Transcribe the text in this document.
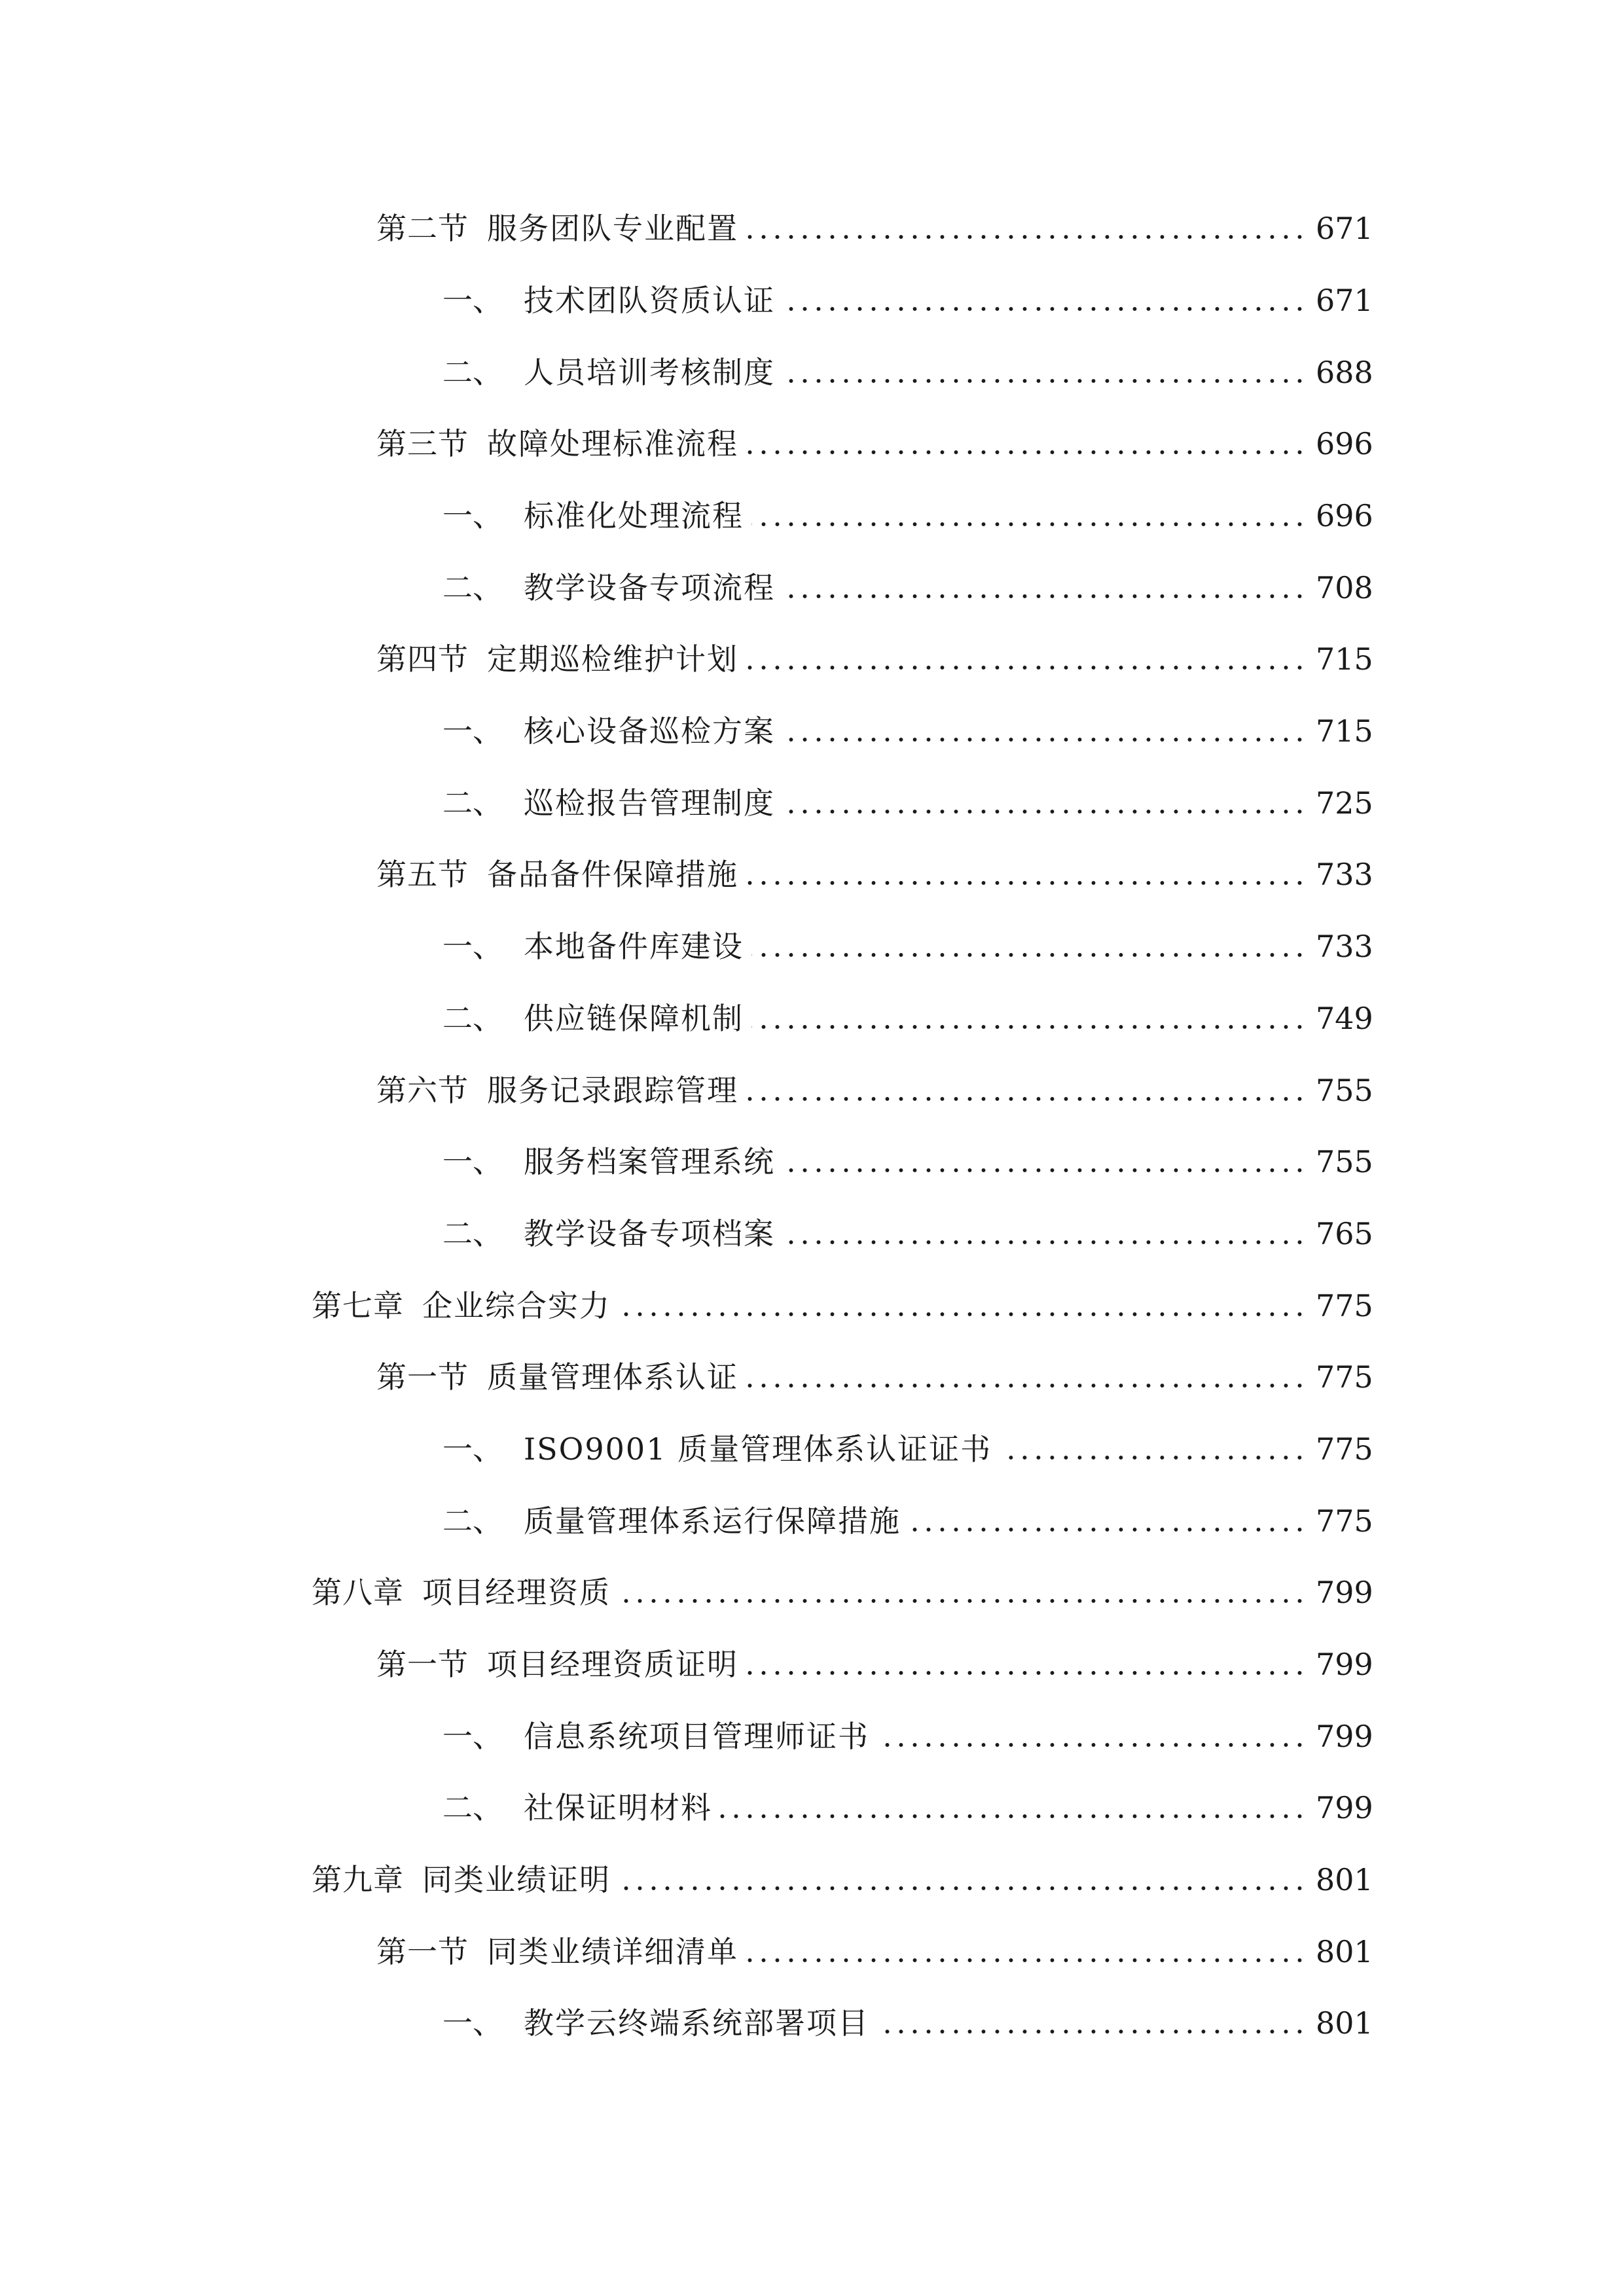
第二节 服务团队专业配置	671
一、 技术团队资质认证	671
二、 人员培训考核制度	688
第三节 故障处理标准流程	696
一、 标准化处理流程	696
二、 教学设备专项流程	708
第四节 定期巡检维护计划	715
一、 核心设备巡检方案	715
二、 巡检报告管理制度	725
第五节 备品备件保障措施	733
一、 本地备件库建设	733
二、 供应链保障机制	749
第六节 服务记录跟踪管理	755
一、 服务档案管理系统	755
二、 教学设备专项档案	765
第七章 企业综合实力	775
第一节 质量管理体系认证	775
一、 ISO9001 质量管理体系认证证书	775
二、 质量管理体系运行保障措施	775
第八章 项目经理资质	799
第一节 项目经理资质证明	799
一、 信息系统项目管理师证书	799
二、 社保证明材料	799
第九章 同类业绩证明	801
第一节 同类业绩详细清单	801
一、 教学云终端系统部署项目	801
